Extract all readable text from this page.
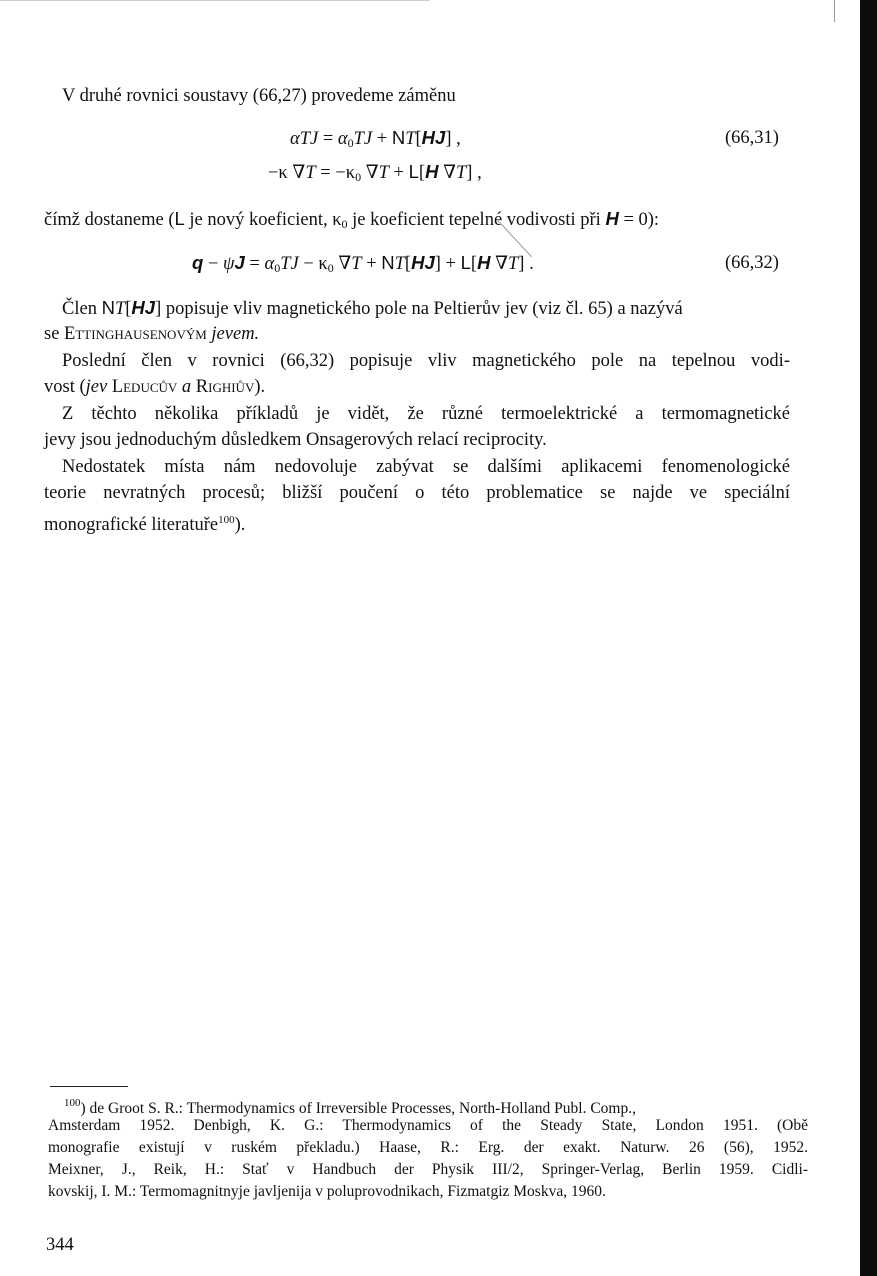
V druhé rovnici soustavy (66,27) provedeme záměnu
$\alpha TJ = \alpha_0TJ + NT[HJ]$ ,	(66,31)
−κ $\nabla T = -\kappa_0$ ∇T + L[H ∇T] ,
čímž dostaneme (L je nový koeficient, $\kappa_0$ je koeficient tepelné vodivosti při H = 0):
$q - \psi J = \alpha_0TJ - \kappa_0$ ∇T + NT[HJ] + L[H ∇T] .	(66,32)
Člen NT[HJ] popisuje vliv magnetického pole na Peltierův jev (viz čl. 65) a nazývá
se Ettinghausenovým jevem.
Poslední člen v rovnici (66,32) popisuje vliv magnetického pole na tepelnou vodi-
vost (jev Leducův a Righiův).
Z těchto několika příkladů je vidět, že různé termoelektrické a termomagnetické
jevy jsou jednoduchým důsledkem Onsagerových relací reciprocity.
Nedostatek místa nám nedovoluje zabývat se dalšími aplikacemi fenomenologické
teorie nevratných procesů; bližší poučení o této problematice se najde ve speciální
monografické literatuře$^{100}$).
$^{100}$) de Groot S. R.: Thermodynamics of Irreversible Processes, North-Holland Publ. Comp.,
Amsterdam 1952. Denbigh, K. G.: Thermodynamics of the Steady State, London 1951. (Obě
monografie existují v ruském překladu.) Haase, R.: Erg. der exakt. Naturw. 26 (56), 1952.
Meixner, J., Reik, H.: Stať v Handbuch der Physik III/2, Springer-Verlag, Berlin 1959. Cidli-
kovskij, I. M.: Termomagnitnyje javljenija v poluprovodnikach, Fizmatgiz Moskva, 1960.
344
